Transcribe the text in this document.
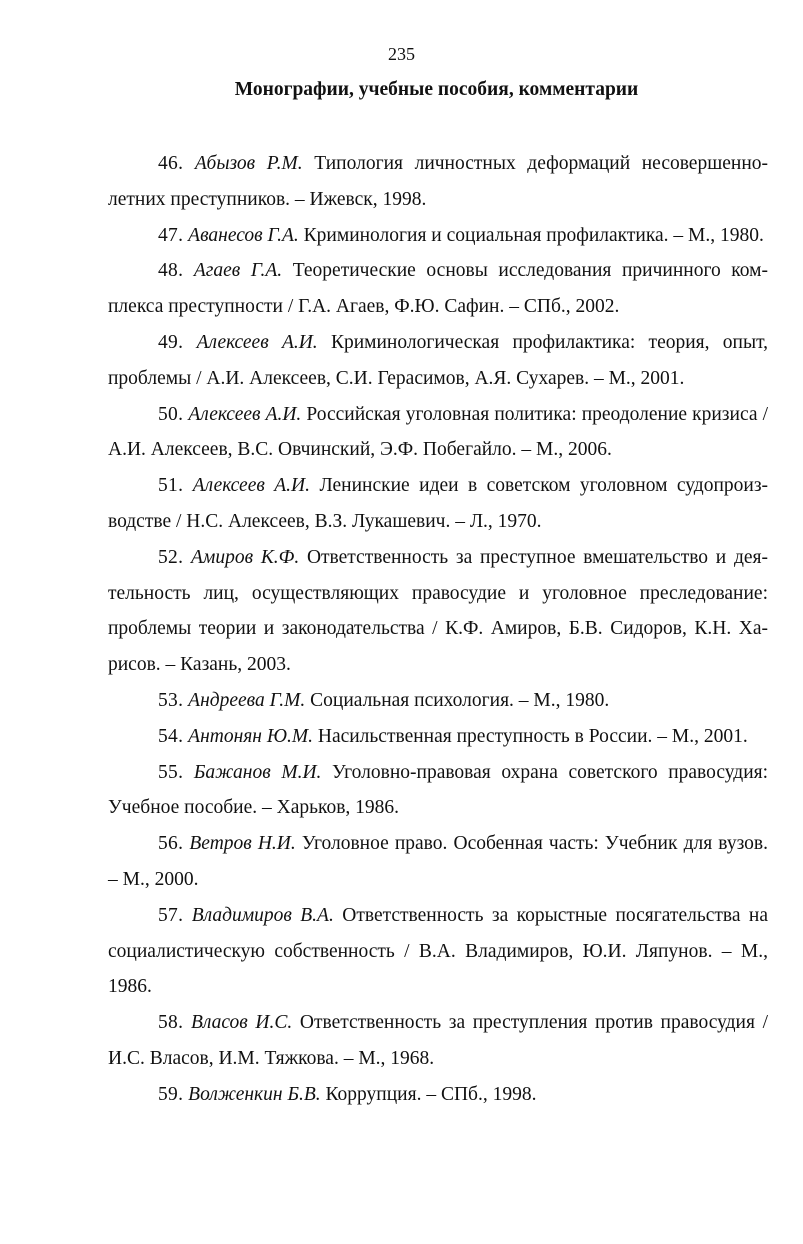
235
Монографии, учебные пособия, комментарии

46. Абызов Р.М. Типология личностных деформаций несовершеннолетних преступников. – Ижевск, 1998.

47. Аванесов Г.А. Криминология и социальная профилактика. – М., 1980.

48. Агаев Г.А. Теоретические основы исследования причинного комплекса преступности / Г.А. Агаев, Ф.Ю. Сафин. – СПб., 2002.

49. Алексеев А.И. Криминологическая профилактика: теория, опыт, проблемы / А.И. Алексеев, С.И. Герасимов, А.Я. Сухарев. – М., 2001.

50. Алексеев А.И. Российская уголовная политика: преодоление кризиса / А.И. Алексеев, В.С. Овчинский, Э.Ф. Побегайло. – М., 2006.

51. Алексеев А.И. Ленинские идеи в советском уголовном судопроизводстве / Н.С. Алексеев, В.З. Лукашевич. – Л., 1970.

52. Амиров К.Ф. Ответственность за преступное вмешательство и деятельность лиц, осуществляющих правосудие и уголовное преследование: проблемы теории и законодательства / К.Ф. Амиров, Б.В. Сидоров, К.Н. Харисов. – Казань, 2003.

53. Андреева Г.М. Социальная психология. – М., 1980.

54. Антонян Ю.М. Насильственная преступность в России. – М., 2001.

55. Бажанов М.И. Уголовно-правовая охрана советского правосудия: Учебное пособие. – Харьков, 1986.

56. Ветров Н.И. Уголовное право. Особенная часть: Учебник для вузов. – М., 2000.

57. Владимиров В.А. Ответственность за корыстные посягательства на социалистическую собственность / В.А. Владимиров, Ю.И. Ляпунов. – М., 1986.

58. Власов И.С. Ответственность за преступления против правосудия / И.С. Власов, И.М. Тяжкова. – М., 1968.

59. Волженкин Б.В. Коррупция. – СПб., 1998.
